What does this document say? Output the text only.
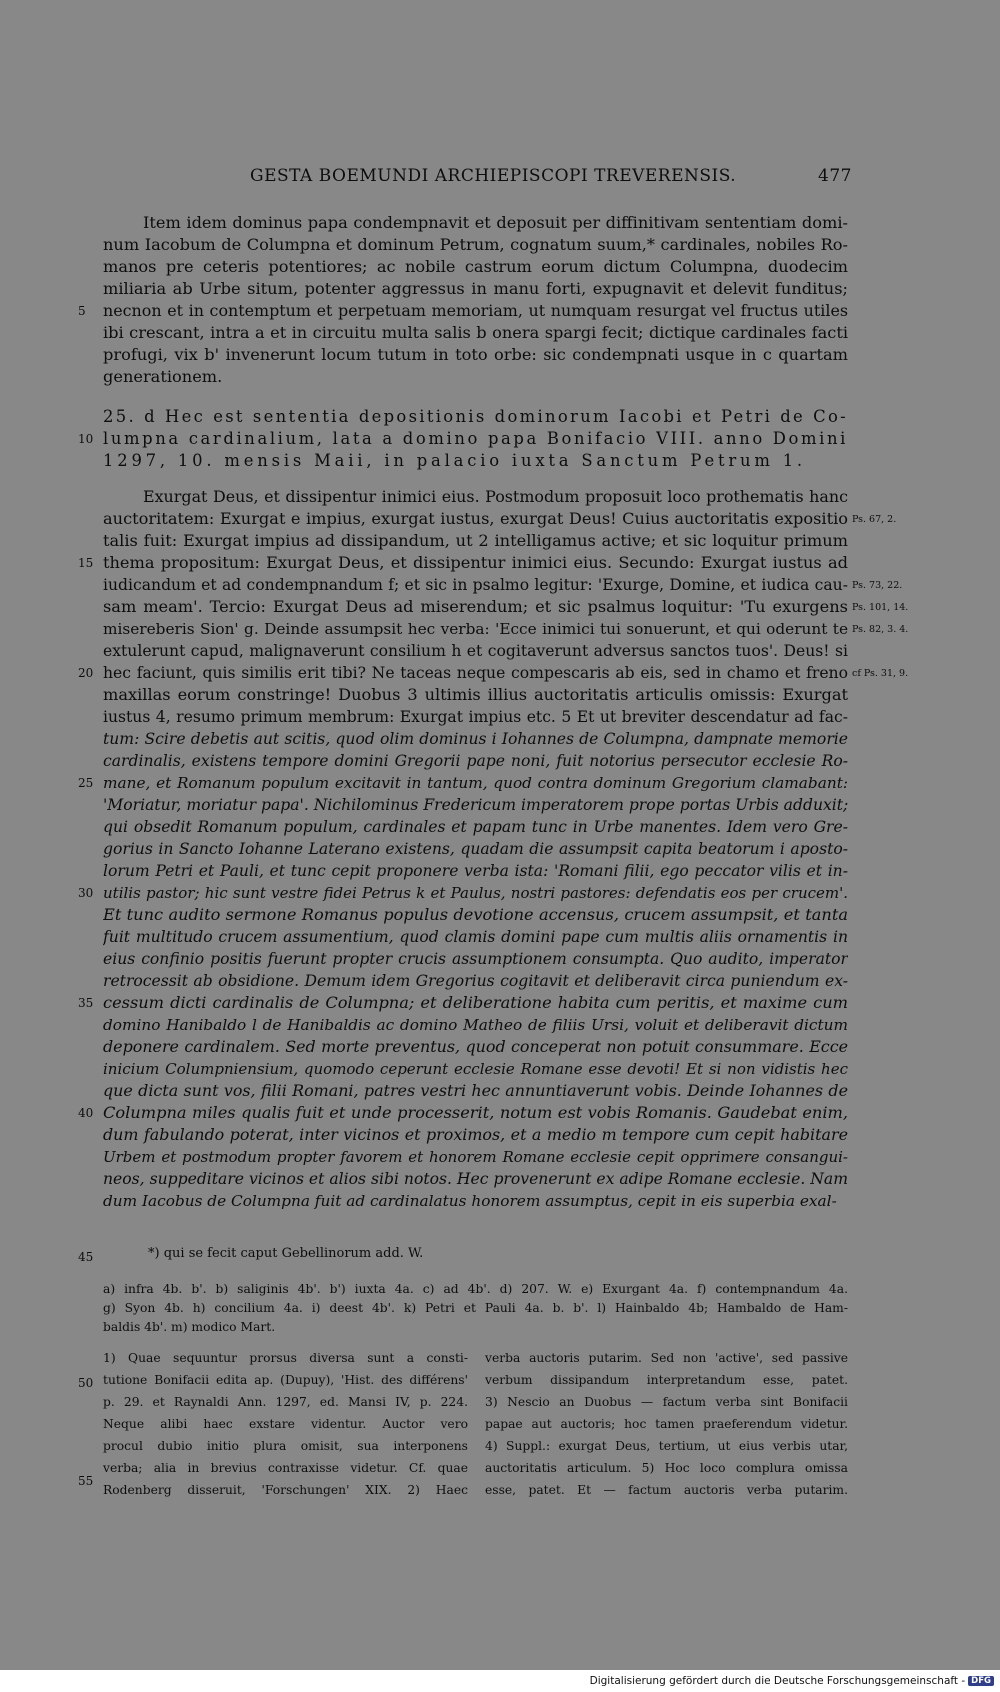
GESTA BOEMUNDI ARCHIEPISCOPI TREVERENSIS.	477
Item idem dominus papa condempnavit et deposuit per diffinitivam sententiam domi-
num Iacobum de Columpna et dominum Petrum, cognatum suum,* cardinales, nobiles Ro-
manos pre ceteris potentiores; ac nobile castrum eorum dictum Columpna, duodecim
miliaria ab Urbe situm, potenter aggressus in manu forti, expugnavit et delevit funditus;
necnon et in contemptum et perpetuam memoriam, ut numquam resurgat vel fructus utiles
ibi crescant, intra a et in circuitu multa salis b onera spargi fecit; dictique cardinales facti
profugi, vix b' invenerunt locum tutum in toto orbe: sic condempnati usque in c quartam
generationem.
25. d Hec est sententia depositionis dominorum Iacobi et Petri de Co-
lumpna cardinalium, lata a domino papa Bonifacio VIII. anno Domini
1297, 10. mensis Maii, in palacio iuxta Sanctum Petrum 1.
Exurgat Deus, et dissipentur inimici eius. Postmodum proposuit loco prothematis hanc
auctoritatem: Exurgat e impius, exurgat iustus, exurgat Deus! Cuius auctoritatis expositio
talis fuit: Exurgat impius ad dissipandum, ut 2 intelligamus active; et sic loquitur primum
thema propositum: Exurgat Deus, et dissipentur inimici eius. Secundo: Exurgat iustus ad
iudicandum et ad condempnandum f; et sic in psalmo legitur: 'Exurge, Domine, et iudica cau-
sam meam'. Tercio: Exurgat Deus ad miserendum; et sic psalmus loquitur: 'Tu exurgens
misereberis Sion' g. Deinde assumpsit hec verba: 'Ecce inimici tui sonuerunt, et qui oderunt te
extulerunt capud, malignaverunt consilium h et cogitaverunt adversus sanctos tuos'. Deus! si
hec faciunt, quis similis erit tibi? Ne taceas neque compescaris ab eis, sed in chamo et freno
maxillas eorum constringe! Duobus 3 ultimis illius auctoritatis articulis omissis: Exurgat
iustus 4, resumo primum membrum: Exurgat impius etc. 5 Et ut breviter descendatur ad fac-
tum: Scire debetis aut scitis, quod olim dominus i Iohannes de Columpna, dampnate memorie
cardinalis, existens tempore domini Gregorii pape noni, fuit notorius persecutor ecclesie Ro-
mane, et Romanum populum excitavit in tantum, quod contra dominum Gregorium clamabant:
'Moriatur, moriatur papa'. Nichilominus Fredericum imperatorem prope portas Urbis adduxit;
qui obsedit Romanum populum, cardinales et papam tunc in Urbe manentes. Idem vero Gre-
gorius in Sancto Iohanne Laterano existens, quadam die assumpsit capita beatorum i aposto-
lorum Petri et Pauli, et tunc cepit proponere verba ista: 'Romani filii, ego peccator vilis et in-
utilis pastor; hic sunt vestre fidei Petrus k et Paulus, nostri pastores: defendatis eos per crucem'.
Et tunc audito sermone Romanus populus devotione accensus, crucem assumpsit, et tanta
fuit multitudo crucem assumentium, quod clamis domini pape cum multis aliis ornamentis in
eius confinio positis fuerunt propter crucis assumptionem consumpta. Quo audito, imperator
retrocessit ab obsidione. Demum idem Gregorius cogitavit et deliberavit circa puniendum ex-
cessum dicti cardinalis de Columpna; et deliberatione habita cum peritis, et maxime cum
domino Hanibaldo l de Hanibaldis ac domino Matheo de filiis Ursi, voluit et deliberavit dictum
deponere cardinalem. Sed morte preventus, quod conceperat non potuit consummare. Ecce
inicium Columpniensium, quomodo ceperunt ecclesie Romane esse devoti! Et si non vidistis hec
que dicta sunt vos, filii Romani, patres vestri hec annuntiaverunt vobis. Deinde Iohannes de
Columpna miles qualis fuit et unde processerit, notum est vobis Romanis. Gaudebat enim,
dum fabulando poterat, inter vicinos et proximos, et a medio m tempore cum cepit habitare
Urbem et postmodum propter favorem et honorem Romane ecclesie cepit opprimere consangui-
neos, suppeditare vicinos et alios sibi notos. Hec provenerunt ex adipe Romane ecclesie. Nam
dum Iacobus de Columpna fuit ad cardinalatus honorem assumptus, cepit in eis superbia exal-
5
10
15
20
25
30
35
40
45
50
55
Ps. 67, 2.
Ps. 73, 22.
Ps. 101, 14.
Ps. 82, 3. 4.
cf Ps. 31, 9.
*) qui se fecit caput Gebellinorum add. W.
a) infra 4b. b'. b) saliginis 4b'. b') iuxta 4a. c) ad 4b'. d) 207. W. e) Exurgant 4a. f) contempnandum 4a.
g) Syon 4b. h) concilium 4a. i) deest 4b'. k) Petri et Pauli 4a. b. b'. l) Hainbaldo 4b; Hambaldo de Ham-
baldis 4b'. m) modico Mart.
1) Quae sequuntur prorsus diversa sunt a consti-
tutione Bonifacii edita ap. (Dupuy), 'Hist. des différens'
p. 29. et Raynaldi Ann. 1297, ed. Mansi IV, p. 224.
Neque alibi haec exstare videntur. Auctor vero
procul dubio initio plura omisit, sua interponens
verba; alia in brevius contraxisse videtur. Cf. quae
Rodenberg disseruit, 'Forschungen' XIX. 2) Haec
verba auctoris putarim. Sed non 'active', sed passive
verbum dissipandum interpretandum esse, patet.
3) Nescio an Duobus — factum verba sint Bonifacii
papae aut auctoris; hoc tamen praeferendum videtur.
4) Suppl.: exurgat Deus, tertium, ut eius verbis utar,
auctoritatis articulum. 5) Hoc loco complura omissa
esse, patet. Et — factum auctoris verba putarim.
Digitalisierung gefördert durch die Deutsche Forschungsgemeinschaft - DFG
